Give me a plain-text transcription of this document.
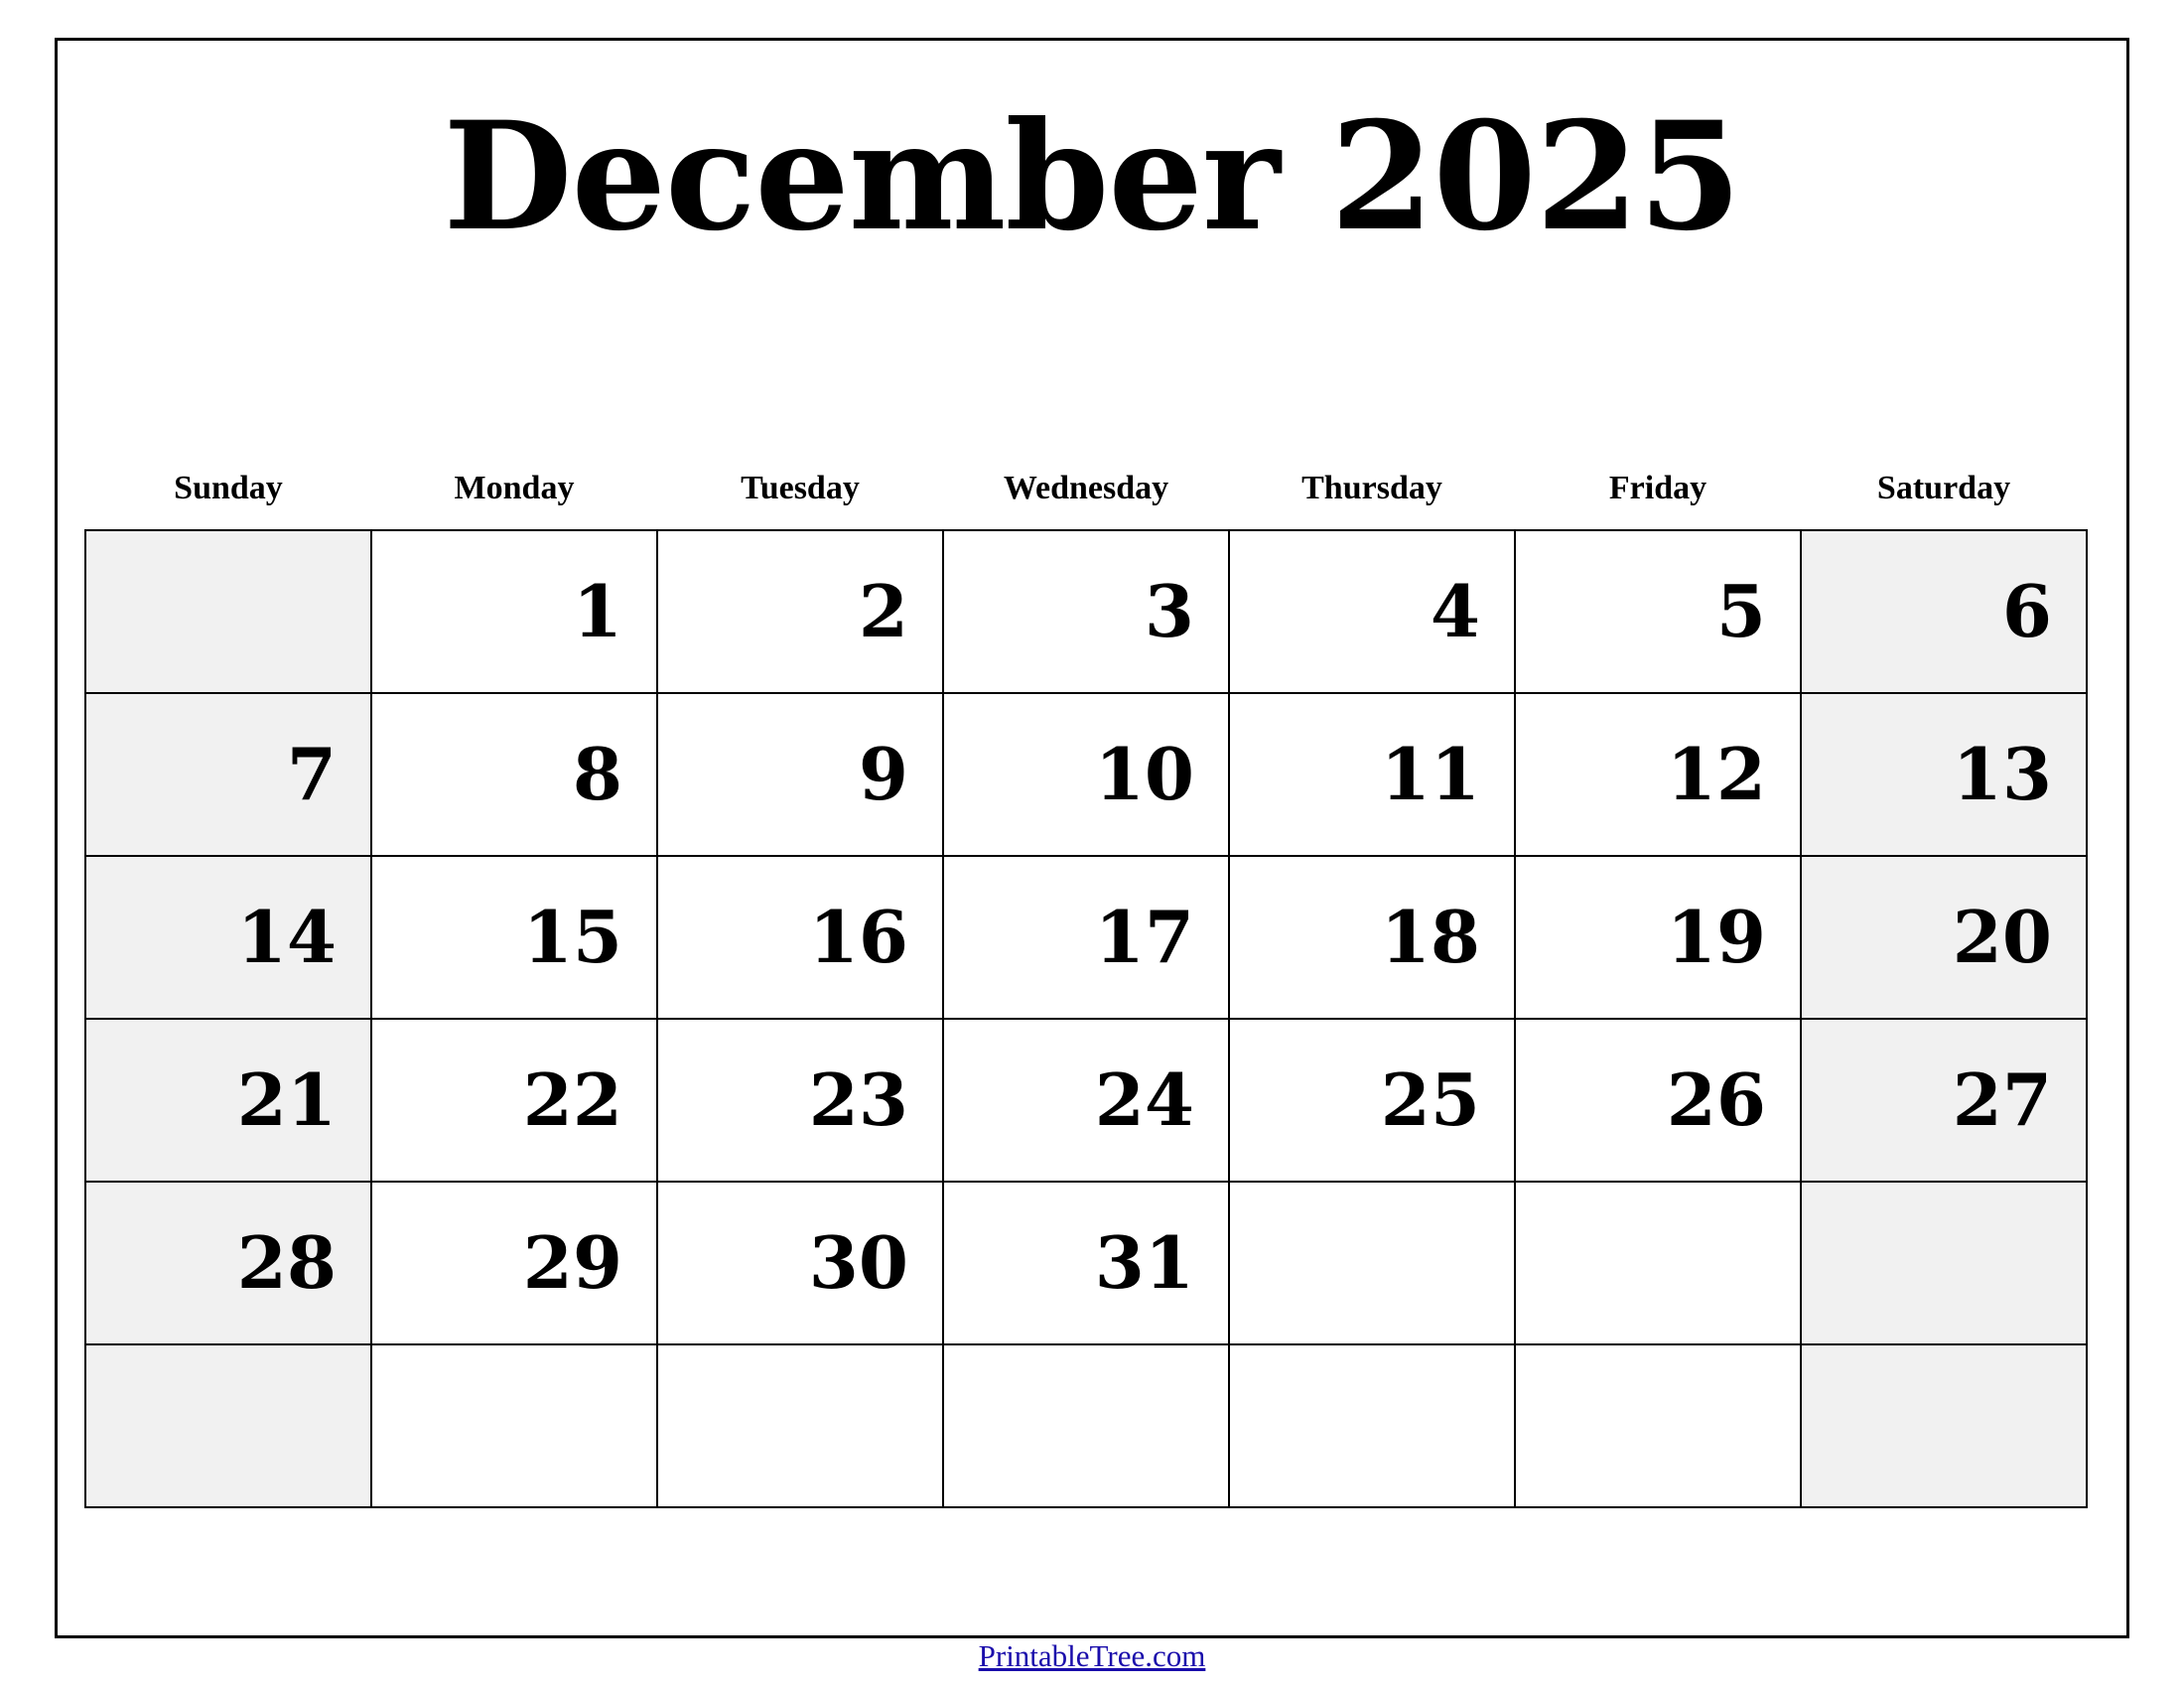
December 2025
Sunday	Monday	Tuesday	Wednesday	Thursday	Friday	Saturday

	1	2	3	4	5	6

7	8	9	10	11	12	13

14	15	16	17	18	19	20

21	22	23	24	25	26	27

28	29	30	31			

PrintableTree.com
